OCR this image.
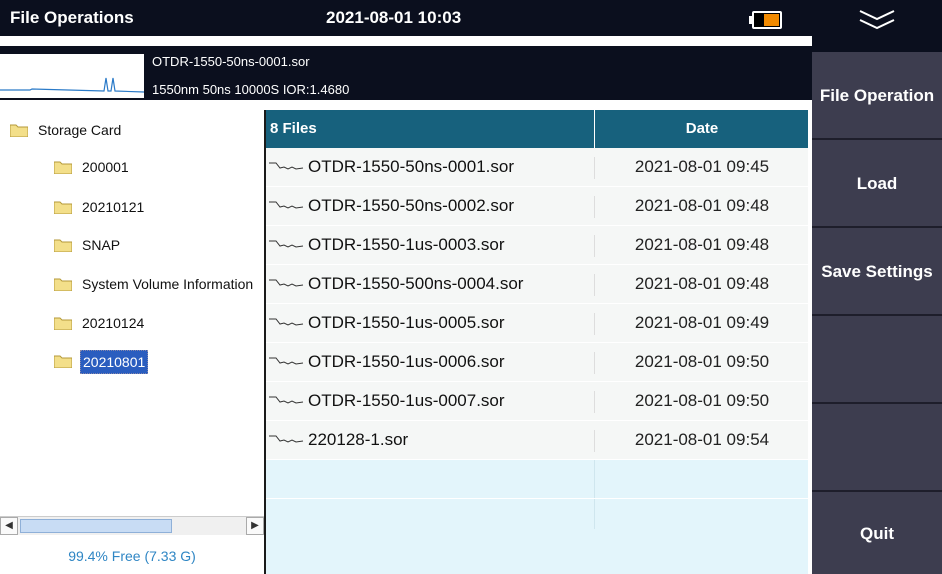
File Operations	2021-08-01 10:03
OTDR-1550-50ns-0001.sor
1550nm 50ns 10000S IOR:1.4680
Storage Card
200001
20210121
SNAP
System Volume Information
20210124
20210801
◀	▶
99.4% Free (7.33 G)
8 Files	Date
OTDR-1550-50ns-0001.sor	2021-08-01 09:45
OTDR-1550-50ns-0002.sor	2021-08-01 09:48
OTDR-1550-1us-0003.sor	2021-08-01 09:48
OTDR-1550-500ns-0004.sor	2021-08-01 09:48
OTDR-1550-1us-0005.sor	2021-08-01 09:49
OTDR-1550-1us-0006.sor	2021-08-01 09:50
OTDR-1550-1us-0007.sor	2021-08-01 09:50
220128-1.sor	2021-08-01 09:54
File Operation
Load
Save Settings
Quit
